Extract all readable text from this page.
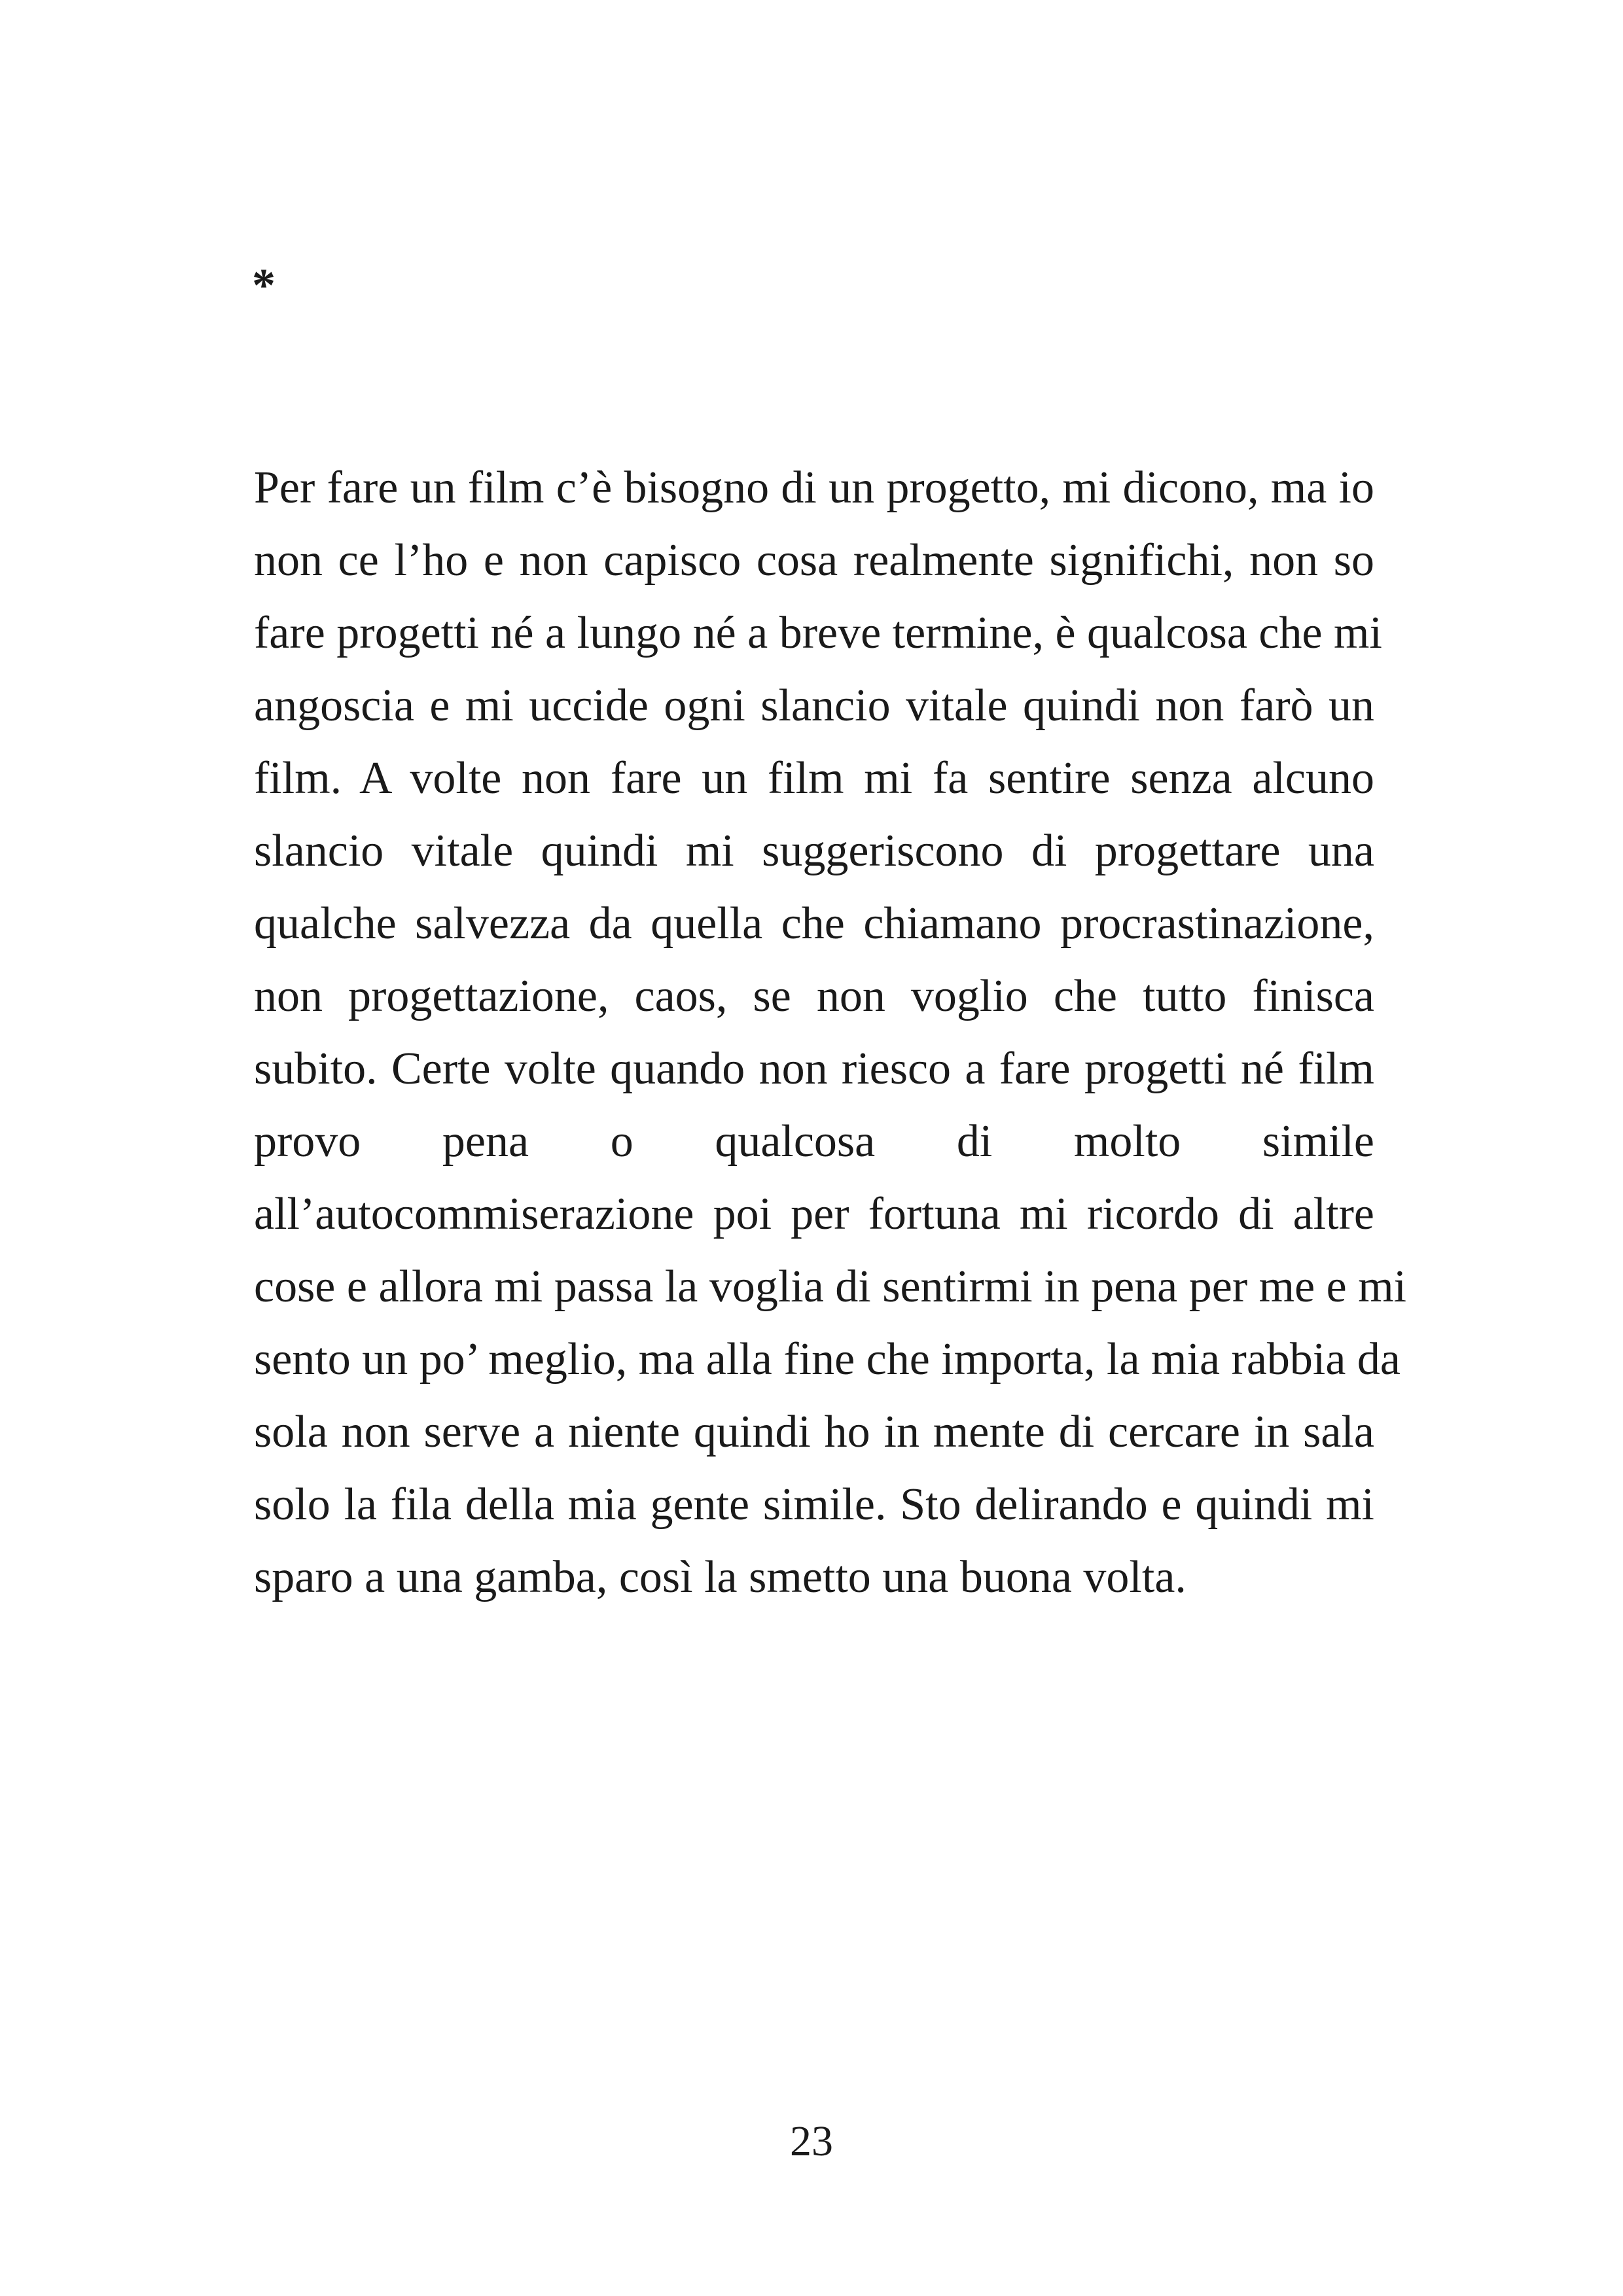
*
Per fare un film c’è bisogno di un progetto, mi dicono, ma io
non ce l’ho e non capisco cosa realmente significhi, non so
fare progetti né a lungo né a breve termine, è qualcosa che mi
angoscia e mi uccide ogni slancio vitale quindi non farò un
film. A volte non fare un film mi fa sentire senza alcuno
slancio vitale quindi mi suggeriscono di progettare una
qualche salvezza da quella che chiamano procrastinazione,
non progettazione, caos, se non voglio che tutto finisca
subito. Certe volte quando non riesco a fare progetti né film
provo pena o qualcosa di molto simile
all’autocommiserazione poi per fortuna mi ricordo di altre
cose e allora mi passa la voglia di sentirmi in pena per me e mi
sento un po’ meglio, ma alla fine che importa, la mia rabbia da
sola non serve a niente quindi ho in mente di cercare in sala
solo la fila della mia gente simile. Sto delirando e quindi mi
sparo a una gamba, così la smetto una buona volta.
23
